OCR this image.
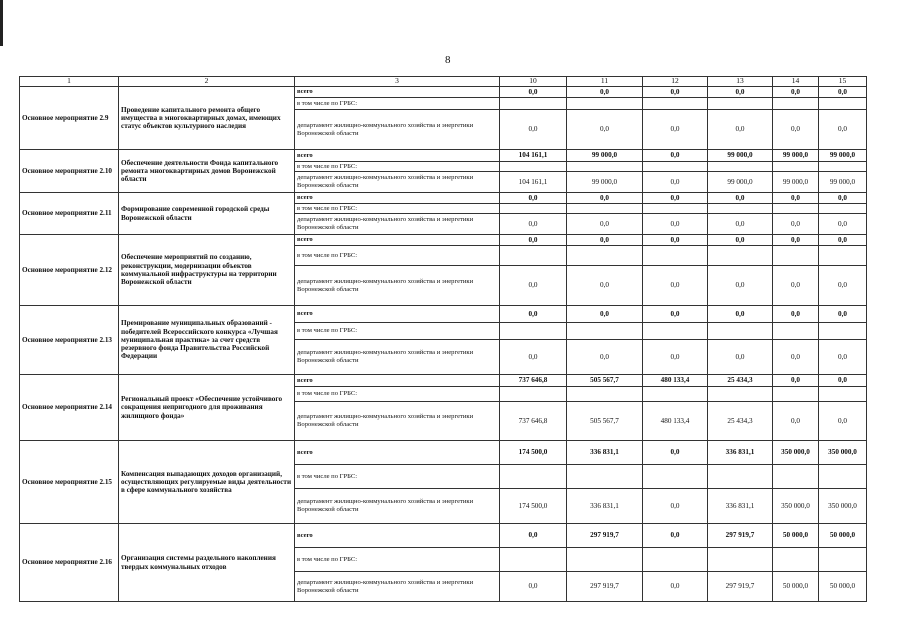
8
1	2	3	10	11	12	13	14	15
Основное мероприятие 2.9	Проведение капитального ремонта общего имущества в многоквартирных домах, имеющих статус объектов культурного наследия	всего	0,0	0,0	0,0	0,0	0,0	0,0
		в том числе по ГРБС:						
		департамент жилищно-коммунального хозяйства и энергетики Воронежской области	0,0	0,0	0,0	0,0	0,0	0,0
Основное мероприятие 2.10	Обеспечение деятельности Фонда капитального ремонта многоквартирных домов Воронежской области	всего	104 161,1	99 000,0	0,0	99 000,0	99 000,0	99 000,0
		в том числе по ГРБС:						
		департамент жилищно-коммунального хозяйства и энергетики Воронежской области	104 161,1	99 000,0	0,0	99 000,0	99 000,0	99 000,0
Основное мероприятие 2.11	Формирование современной городской среды Воронежской области	всего	0,0	0,0	0,0	0,0	0,0	0,0
		в том числе по ГРБС:						
		департамент жилищно-коммунального хозяйства и энергетики Воронежской области	0,0	0,0	0,0	0,0	0,0	0,0
Основное мероприятие 2.12	Обеспечение мероприятий по созданию, реконструкции, модернизации объектов коммунальной инфраструктуры на территории Воронежской области	всего	0,0	0,0	0,0	0,0	0,0	0,0
		в том числе по ГРБС:						
		департамент жилищно-коммунального хозяйства и энергетики Воронежской области	0,0	0,0	0,0	0,0	0,0	0,0
Основное мероприятие 2.13	Премирование муниципальных образований - победителей Всероссийского конкурса «Лучшая муниципальная практика» за счет средств резервного фонда Правительства Российской Федерации	всего	0,0	0,0	0,0	0,0	0,0	0,0
		в том числе по ГРБС:						
		департамент жилищно-коммунального хозяйства и энергетики Воронежской области	0,0	0,0	0,0	0,0	0,0	0,0
Основное мероприятие 2.14	Региональный проект «Обеспечение устойчивого сокращения непригодного для проживания жилищного фонда»	всего	737 646,8	505 567,7	480 133,4	25 434,3	0,0	0,0
		в том числе по ГРБС:						
		департамент жилищно-коммунального хозяйства и энергетики Воронежской области	737 646,8	505 567,7	480 133,4	25 434,3	0,0	0,0
Основное мероприятие 2.15	Компенсация выпадающих доходов организаций, осуществляющих регулируемые виды деятельности в сфере коммунального хозяйства	всего	174 500,0	336 831,1	0,0	336 831,1	350 000,0	350 000,0
		в том числе по ГРБС:						
		департамент жилищно-коммунального хозяйства и энергетики Воронежской области	174 500,0	336 831,1	0,0	336 831,1	350 000,0	350 000,0
Основное мероприятие 2.16	Организация системы раздельного накопления твердых коммунальных отходов	всего	0,0	297 919,7	0,0	297 919,7	50 000,0	50 000,0
		в том числе по ГРБС:						
		департамент жилищно-коммунального хозяйства и энергетики Воронежской области	0,0	297 919,7	0,0	297 919,7	50 000,0	50 000,0
